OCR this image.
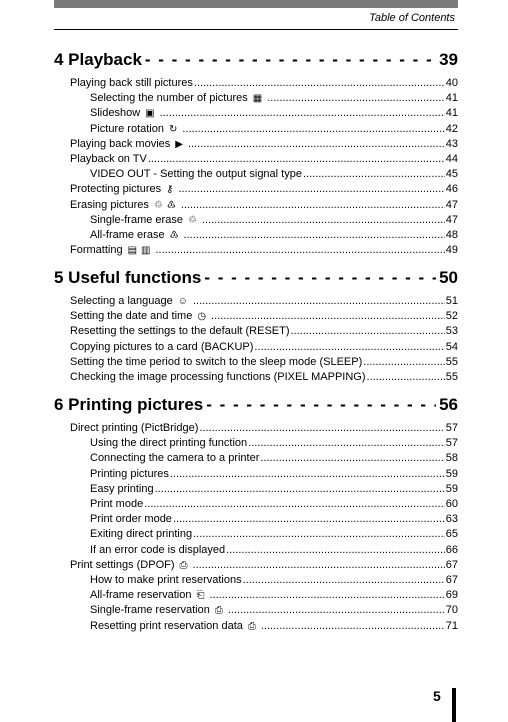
Table of Contents
4 Playback - - -	39
Playing back still pictures .....	40
Selecting the number of pictures ▦ .....	41
Slideshow ▣ .....	41
Picture rotation ↻ .....	42
Playing back movies ▶ .....	43
Playback on TV .....	44
VIDEO OUT - Setting the output signal type .....	45
Protecting pictures ⚷ .....	46
Erasing pictures ♲ ♳ .....	47
Single-frame erase ♲ .....	47
All-frame erase ♳ .....	48
Formatting ▤ ▥ .....	49
5 Useful functions - - -	50
Selecting a language ☺ .....	51
Setting the date and time ◷ .....	52
Resetting the settings to the default (RESET) .....	53
Copying pictures to a card (BACKUP) .....	54
Setting the time period to switch to the sleep mode (SLEEP) .....	55
Checking the image processing functions (PIXEL MAPPING) .....	55
6 Printing pictures - - -	56
Direct printing (PictBridge) .....	57
Using the direct printing function .....	57
Connecting the camera to a printer .....	58
Printing pictures .....	59
Easy printing .....	59
Print mode .....	60
Print order mode .....	63
Exiting direct printing .....	65
If an error code is displayed .....	66
Print settings (DPOF) ⎙ .....	67
How to make print reservations .....	67
All-frame reservation ⎗ .....	69
Single-frame reservation ⎙ .....	70
Resetting print reservation data ⎙ .....	71
5
